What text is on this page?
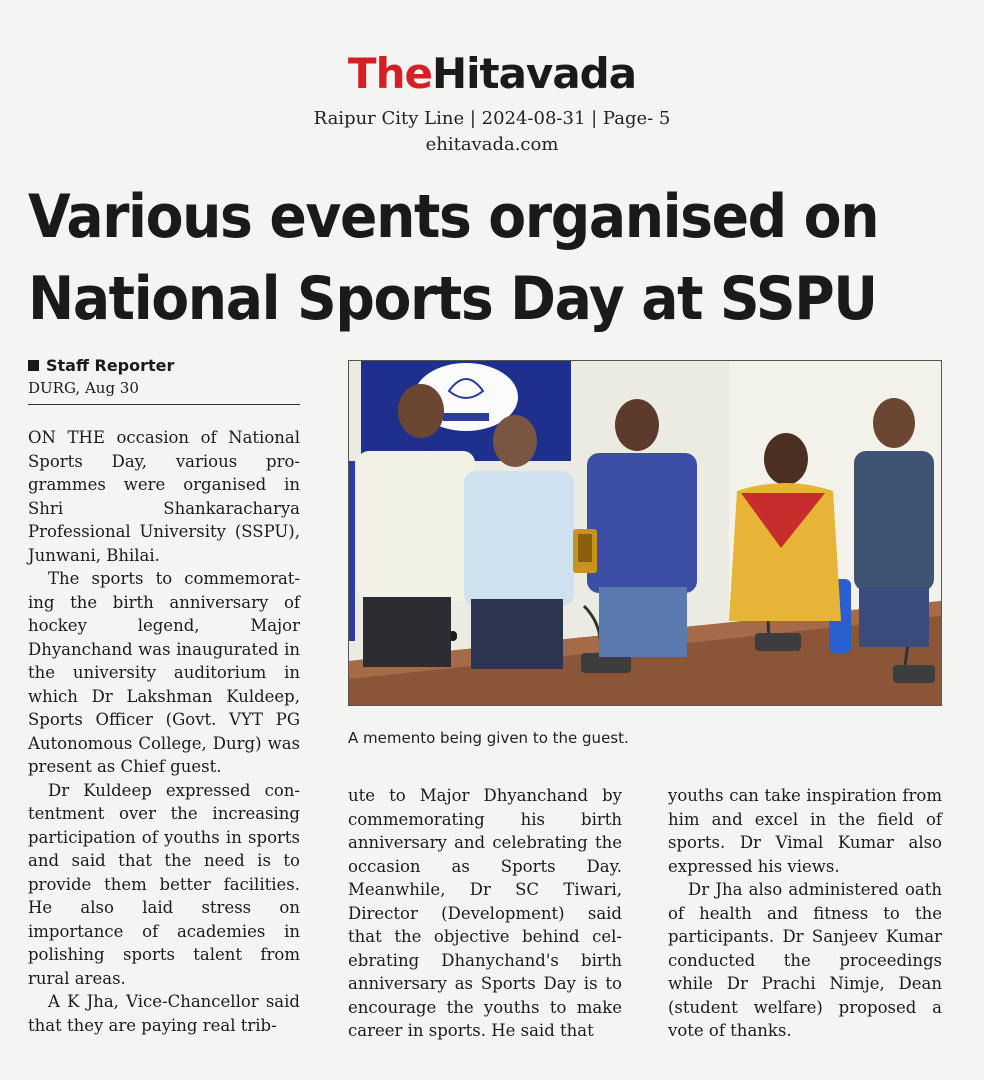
TheHitavada
Raipur City Line | 2024-08-31 | Page- 5
ehitavada.com
Various events organised on
National Sports Day at SSPU
Staff Reporter
DURG, Aug 30

ON THE occasion of National Sports Day, various programmes were organised in Shri Shankaracharya Professional University (SSPU), Junwani, Bhilai.

The sports to commemorating the birth anniversary of hockey legend, Major Dhyanchand was inaugurated in the university auditorium in which Dr Lakshman Kuldeep, Sports Officer (Govt. VYT PG Autonomous College, Durg) was present as Chief guest.

Dr Kuldeep expressed contentment over the increasing participation of youths in sports and said that the need is to provide them better facilities. He also laid stress on importance of academies in polishing sports talent from rural areas.

A K Jha, Vice-Chancellor said that they are paying real trib-

A memento being given to the guest.

ute to Major Dhyanchand by commemorating his birth anniversary and celebrating the occasion as Sports Day. Meanwhile, Dr SC Tiwari, Director (Development) said that the objective behind celebrating Dhanychand's birth anniversary as Sports Day is to encourage the youths to make career in sports. He said that

youths can take inspiration from him and excel in the field of sports. Dr Vimal Kumar also expressed his views.

Dr Jha also administered oath of health and fitness to the participants. Dr Sanjeev Kumar conducted the proceedings while Dr Prachi Nimje, Dean (student welfare) proposed a vote of thanks.
